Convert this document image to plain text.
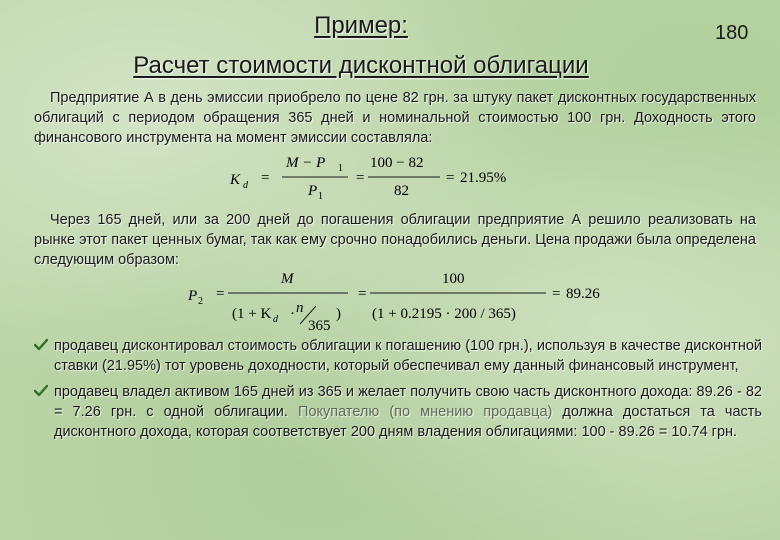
Пример:	180
Расчет стоимости дисконтной облигации
Предприятие А в день эмиссии приобрело по цене 82 грн. за штуку пакет дисконтных государственных облигаций с периодом обращения 365 дней и номинальной стоимостью 100 грн. Доходность этого финансового инструмента на момент эмиссии составляла:
K d =
M − P 1
P 1
=
100 − 82
82
= 21.95%
Через 165 дней, или за 200 дней до погашения облигации предприятие А решило реализовать на рынке этот пакет ценных бумаг, так как ему срочно понадобились деньги. Цена продажи была определена следующим образом:
P 2 =
M
(1 + K d · n
365
)
=
100
(1 + 0.2195 · 200 / 365)
= 89.26
продавец дисконтировал стоимость облигации к погашению (100 грн.), используя в качестве дисконтной ставки (21.95%) тот уровень доходности, который обеспечивал ему данный финансовый инструмент,
продавец владел активом 165 дней из 365 и желает получить свою часть дисконтного дохода: 89.26 - 82 = 7.26 грн. с одной облигации. Покупателю (по мнению продавца) должна достаться та часть дисконтного дохода, которая соответствует 200 дням владения облигациями: 100 - 89.26 = 10.74 грн.
